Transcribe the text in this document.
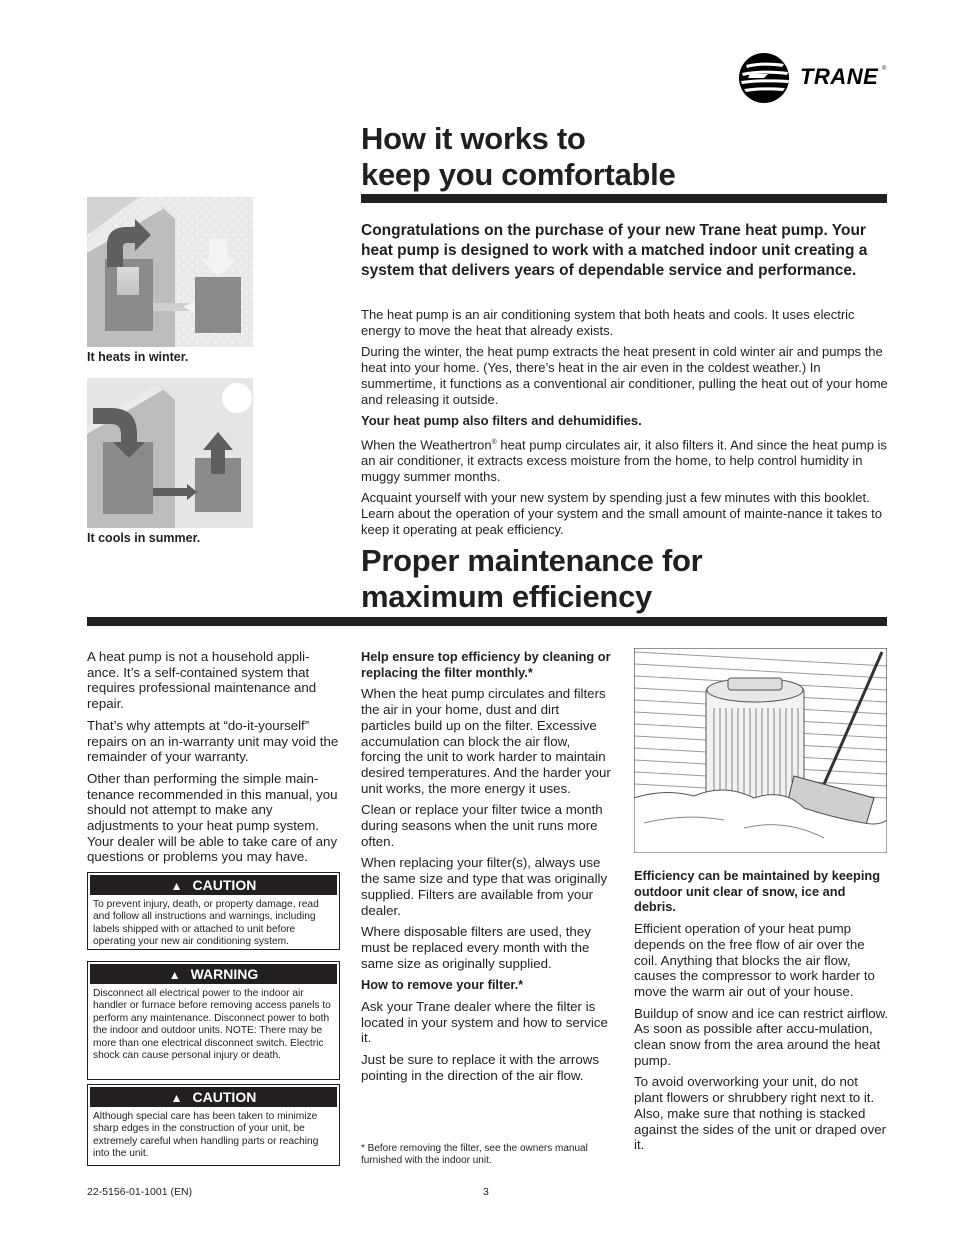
TRANE ®
How it works to
keep you comfortable
It heats in winter.
It cools in summer.
Congratulations on the purchase of your new Trane heat pump. Your heat pump is designed to work with a matched indoor unit creating a system that delivers years of dependable service and performance.

The heat pump is an air conditioning system that both heats and cools. It uses electric energy to move the heat that already exists.

During the winter, the heat pump extracts the heat present in cold winter air and pumps the heat into your home. (Yes, there’s heat in the air even in the coldest weather.) In summertime, it functions as a conventional air conditioner, pulling the heat out of your home and releasing it outside.

Your heat pump also filters and dehumidifies.

When the Weathertron® heat pump circulates air, it also filters it. And since the heat pump is an air conditioner, it extracts excess moisture from the home, to help control humidity in muggy summer months.

Acquaint yourself with your new system by spending just a few minutes with this booklet. Learn about the operation of your system and the small amount of mainte-nance it takes to keep it operating at peak efficiency.

Proper maintenance for
maximum efficiency

A heat pump is not a household appli-ance. It’s a self-contained system that requires professional maintenance and repair.

That’s why attempts at “do-it-yourself” repairs on an in-warranty unit may void the remainder of your warranty.

Other than performing the simple main-tenance recommended in this manual, you should not attempt to make any adjustments to your heat pump system. Your dealer will be able to take care of any questions or problems you may have.

▲ CAUTION
To prevent injury, death, or property damage, read and follow all instructions and warnings, including labels shipped with or attached to unit before operating your new air conditioning system.
▲ WARNING
Disconnect all electrical power to the indoor air handler or furnace before removing access panels to perform any maintenance. Disconnect power to both the indoor and outdoor units. NOTE: There may be more than one electrical disconnect switch. Electric shock can cause personal injury or death.
▲ CAUTION
Although special care has been taken to minimize sharp edges in the construction of your unit, be extremely careful when handling parts or reaching into the unit.

Help ensure top efficiency by cleaning or replacing the filter monthly.*

When the heat pump circulates and filters the air in your home, dust and dirt particles build up on the filter. Excessive accumulation can block the air flow, forcing the unit to work harder to maintain desired temperatures. And the harder your unit works, the more energy it uses.

Clean or replace your filter twice a month during seasons when the unit runs more often.

When replacing your filter(s), always use the same size and type that was originally supplied. Filters are available from your dealer.

Where disposable filters are used, they must be replaced every month with the same size as originally supplied.

How to remove your filter.*

Ask your Trane dealer where the filter is located in your system and how to service it.

Just be sure to replace it with the arrows pointing in the direction of the air flow.

* Before removing the filter, see the owners manual furnished with the indoor unit.

Efficiency can be maintained by keeping outdoor unit clear of snow, ice and debris.

Efficient operation of your heat pump depends on the free flow of air over the coil. Anything that blocks the air flow, causes the compressor to work harder to move the warm air out of your house.

Buildup of snow and ice can restrict airflow. As soon as possible after accu-mulation, clean snow from the area around the heat pump.

To avoid overworking your unit, do not plant flowers or shrubbery right next to it. Also, make sure that nothing is stacked against the sides of the unit or draped over it.

22-5156-01-1001 (EN)	3
